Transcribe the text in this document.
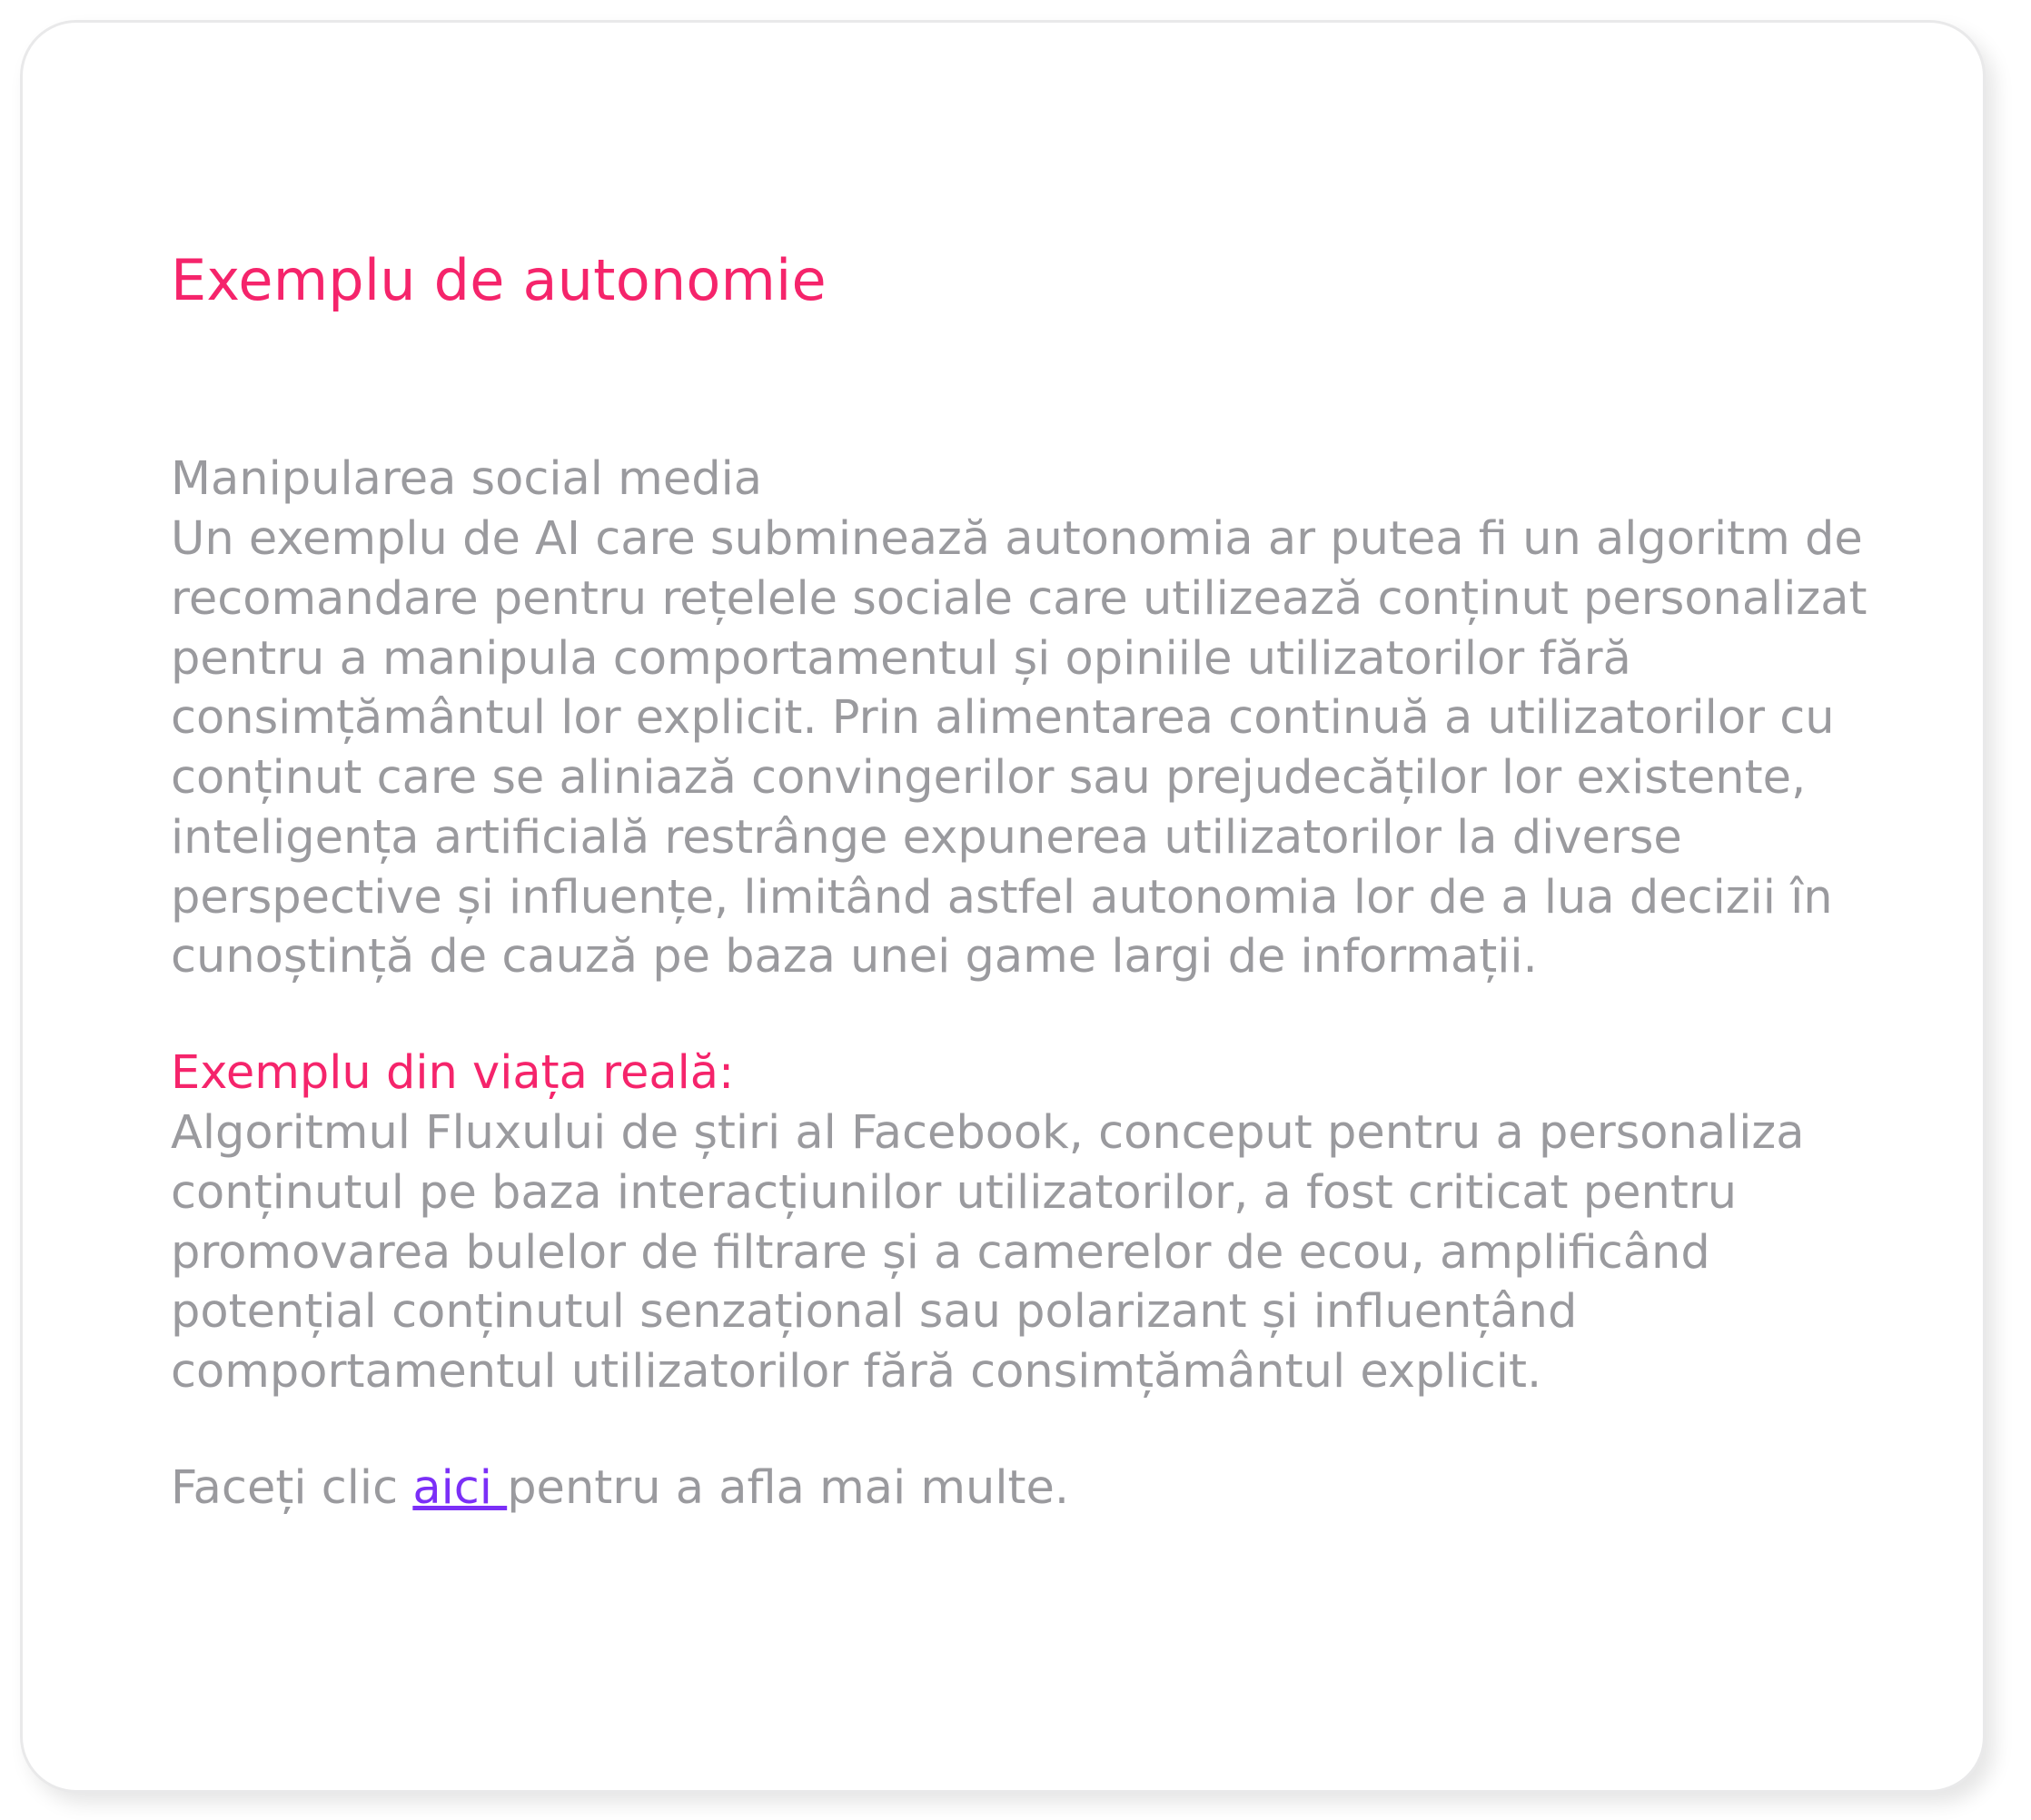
Exemplu de autonomie

Manipularea social media

Un exemplu de AI care subminează autonomia ar putea fi un algoritm de recomandare pentru rețelele sociale care utilizează conținut personalizat pentru a manipula comportamentul și opiniile utilizatorilor fără consimțământul lor explicit. Prin alimentarea continuă a utilizatorilor cu conținut care se aliniază convingerilor sau prejudecăților lor existente, inteligența artificială restrânge expunerea utilizatorilor la diverse perspective și influențe, limitând astfel autonomia lor de a lua decizii în cunoștință de cauză pe baza unei game largi de informații.

Exemplu din viața reală:

Algoritmul Fluxului de știri al Facebook, conceput pentru a personaliza conținutul pe baza interacțiunilor utilizatorilor, a fost criticat pentru promovarea bulelor de filtrare și a camerelor de ecou, amplificând potențial conținutul senzațional sau polarizant și influențând comportamentul utilizatorilor fără consimțământul explicit.

Faceți clic aici pentru a afla mai multe.
